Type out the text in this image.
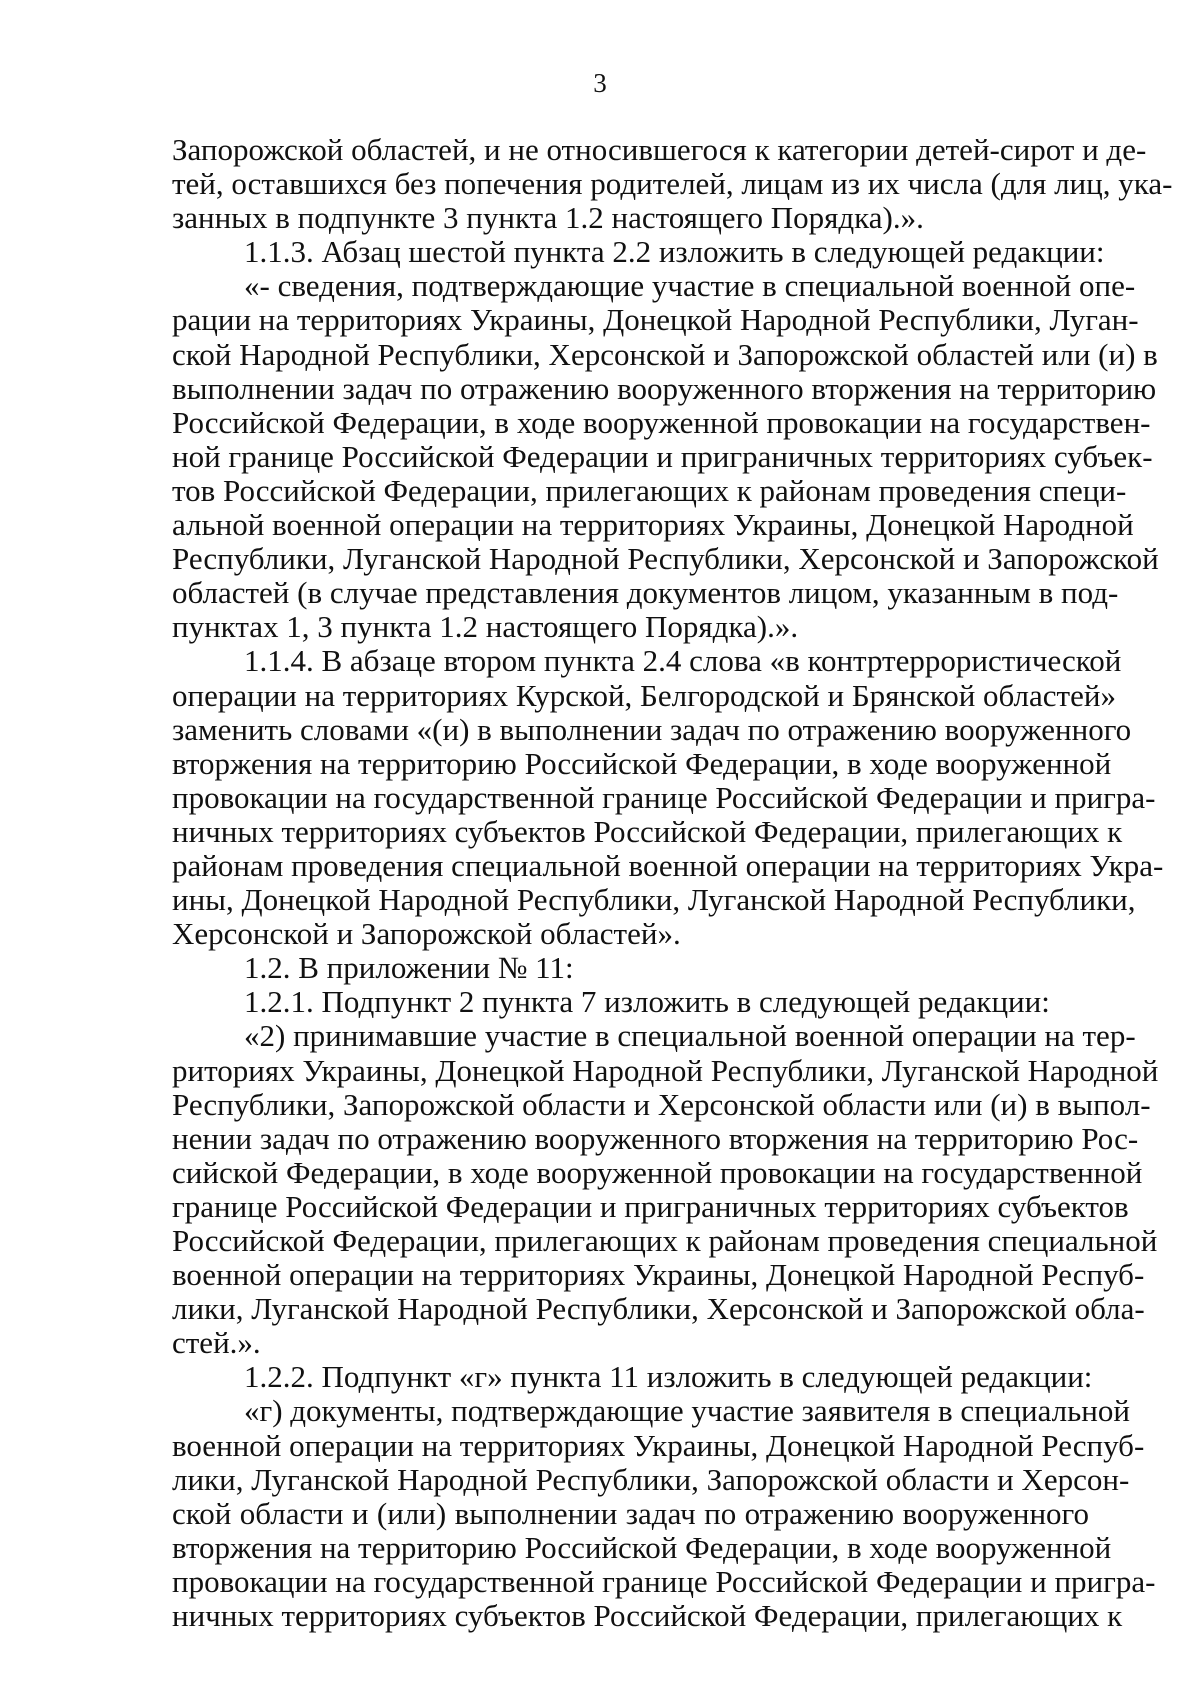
3
Запорожской областей, и не относившегося к категории детей-сирот и де-
тей, оставшихся без попечения родителей, лицам из их числа (для лиц, ука-
занных в подпункте 3 пункта 1.2 настоящего Порядка).».
1.1.3. Абзац шестой пункта 2.2 изложить в следующей редакции:
«- сведения, подтверждающие участие в специальной военной опе-
рации на территориях Украины, Донецкой Народной Республики, Луган-
ской Народной Республики, Херсонской и Запорожской областей или (и) в
выполнении задач по отражению вооруженного вторжения на территорию
Российской Федерации, в ходе вооруженной провокации на государствен-
ной границе Российской Федерации и приграничных территориях субъек-
тов Российской Федерации, прилегающих к районам проведения специ-
альной военной операции на территориях Украины, Донецкой Народной
Республики, Луганской Народной Республики, Херсонской и Запорожской
областей (в случае представления документов лицом, указанным в под-
пунктах 1, 3 пункта 1.2 настоящего Порядка).».
1.1.4. В абзаце втором пункта 2.4 слова «в контртеррористической
операции на территориях Курской, Белгородской и Брянской областей»
заменить словами «(и) в выполнении задач по отражению вооруженного
вторжения на территорию Российской Федерации, в ходе вооруженной
провокации на государственной границе Российской Федерации и пригра-
ничных территориях субъектов Российской Федерации, прилегающих к
районам проведения специальной военной операции на территориях Укра-
ины, Донецкой Народной Республики, Луганской Народной Республики,
Херсонской и Запорожской областей».
1.2. В приложении № 11:
1.2.1. Подпункт 2 пункта 7 изложить в следующей редакции:
«2) принимавшие участие в специальной военной операции на тер-
риториях Украины, Донецкой Народной Республики, Луганской Народной
Республики, Запорожской области и Херсонской области или (и) в выпол-
нении задач по отражению вооруженного вторжения на территорию Рос-
сийской Федерации, в ходе вооруженной провокации на государственной
границе Российской Федерации и приграничных территориях субъектов
Российской Федерации, прилегающих к районам проведения специальной
военной операции на территориях Украины, Донецкой Народной Респуб-
лики, Луганской Народной Республики, Херсонской и Запорожской обла-
стей.».
1.2.2. Подпункт «г» пункта 11 изложить в следующей редакции:
«г) документы, подтверждающие участие заявителя в специальной
военной операции на территориях Украины, Донецкой Народной Респуб-
лики, Луганской Народной Республики, Запорожской области и Херсон-
ской области и (или) выполнении задач по отражению вооруженного
вторжения на территорию Российской Федерации, в ходе вооруженной
провокации на государственной границе Российской Федерации и пригра-
ничных территориях субъектов Российской Федерации, прилегающих к
